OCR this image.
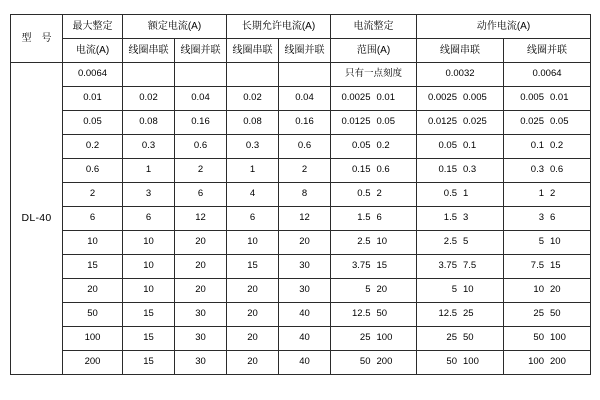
型　号	最大整定	额定电流(A)		长期允许电流(A)		电流整定	动作电流(A)	
	电流(A)	线圈串联	线圈并联	线圈串联	线圈并联	范围(A)	线圈串联	线圈并联
DL-40	0.0064					只有一点刻度	0.0032	0.0064
	0.01	0.02	0.04	0.02	0.04	0.0025 0.01	0.0025 0.005	0.005 0.01
	0.05	0.08	0.16	0.08	0.16	0.0125 0.05	0.0125 0.025	0.025 0.05
	0.2	0.3	0.6	0.3	0.6	0.05 0.2	0.05 0.1	0.1 0.2
	0.6	1	2	1	2	0.15 0.6	0.15 0.3	0.3 0.6
	2	3	6	4	8	0.5 2	0.5 1	1 2
	6	6	12	6	12	1.5 6	1.5 3	3 6
	10	10	20	10	20	2.5 10	2.5 5	5 10
	15	10	20	15	30	3.75 15	3.75 7.5	7.5 15
	20	10	20	20	30	5 20	5 10	10 20
	50	15	30	20	40	12.5 50	12.5 25	25 50
	100	15	30	20	40	25 100	25 50	50 100
	200	15	30	20	40	50 200	50 100	100 200
